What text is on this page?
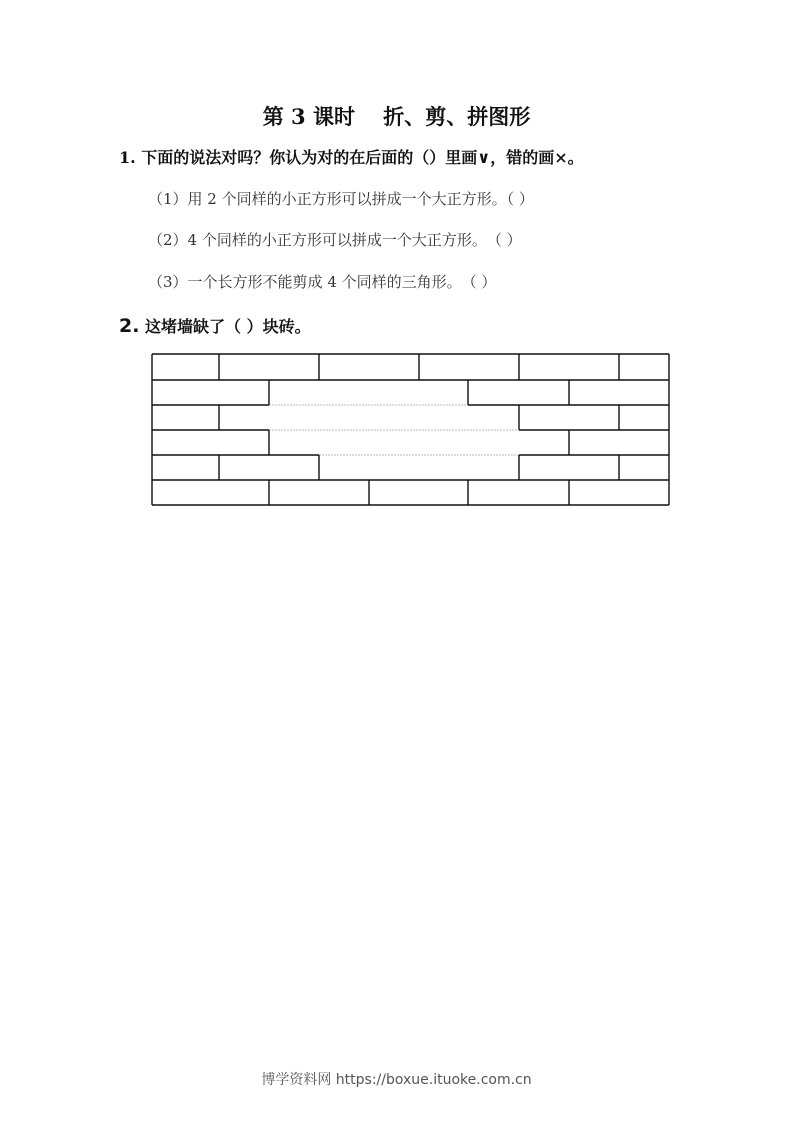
第 3 课时　 折、剪、拼图形
1. 下面的说法对吗？你认为对的在后面的（）里画∨，错的画×。
（1）用 2 个同样的小正方形可以拼成一个大正方形。（ ）
（2）4 个同样的小正方形可以拼成一个大正方形。　（ ）
（3）一个长方形不能剪成 4 个同样的三角形。　（ ）
2. 这堵墙缺了（ ）块砖。
博学资料网 https://boxue.ituoke.com.cn
